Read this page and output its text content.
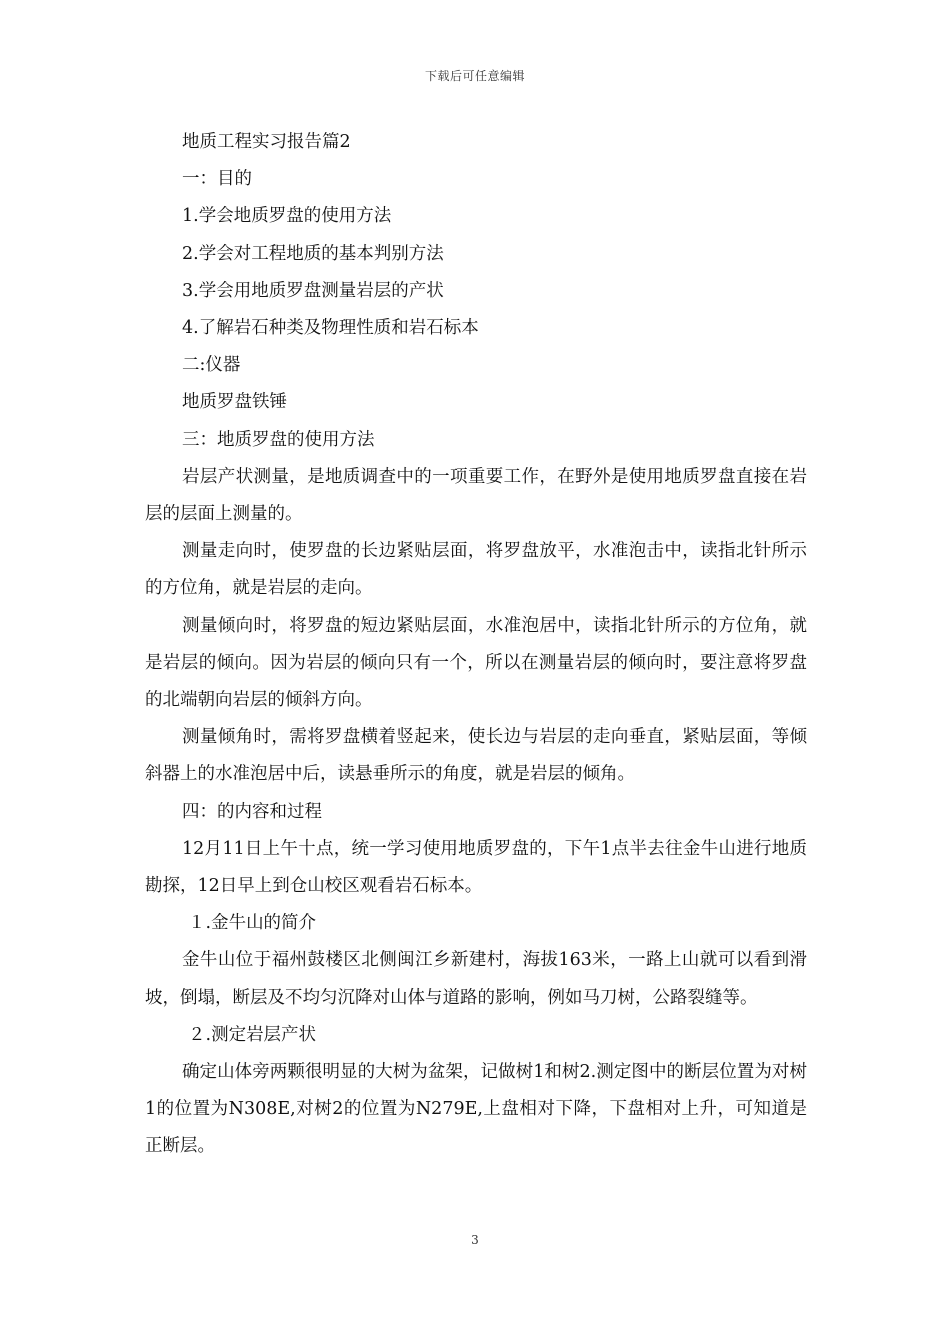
下载后可任意编辑

地质工程实习报告篇2

一：目的

1.学会地质罗盘的使用方法

2.学会对工程地质的基本判别方法

3.学会用地质罗盘测量岩层的产状

4.了解岩石种类及物理性质和岩石标本

二:仪器

地质罗盘铁锤

三：地质罗盘的使用方法

岩层产状测量，是地质调查中的一项重要工作，在野外是使用地质罗盘直接在岩层的层面上测量的。

测量走向时，使罗盘的长边紧贴层面，将罗盘放平，水准泡击中，读指北针所示的方位角，就是岩层的走向。

测量倾向时，将罗盘的短边紧贴层面，水准泡居中，读指北针所示的方位角，就是岩层的倾向。因为岩层的倾向只有一个，所以在测量岩层的倾向时，要注意将罗盘的北端朝向岩层的倾斜方向。

测量倾角时，需将罗盘横着竖起来，使长边与岩层的走向垂直，紧贴层面，等倾斜器上的水准泡居中后，读悬垂所示的角度，就是岩层的倾角。

四：的内容和过程

12月11日上午十点，统一学习使用地质罗盘的，下午1点半去往金牛山进行地质勘探，12日早上到仓山校区观看岩石标本。

１.金牛山的简介

金牛山位于福州鼓楼区北侧闽江乡新建村，海拔163米，一路上山就可以看到滑坡，倒塌，断层及不均匀沉降对山体与道路的影响，例如马刀树，公路裂缝等。

２.测定岩层产状

确定山体旁两颗很明显的大树为盆架，记做树1和树2.测定图中的断层位置为对树1的位置为N308E,对树2的位置为N279E,上盘相对下降，下盘相对上升，可知道是正断层。

3
